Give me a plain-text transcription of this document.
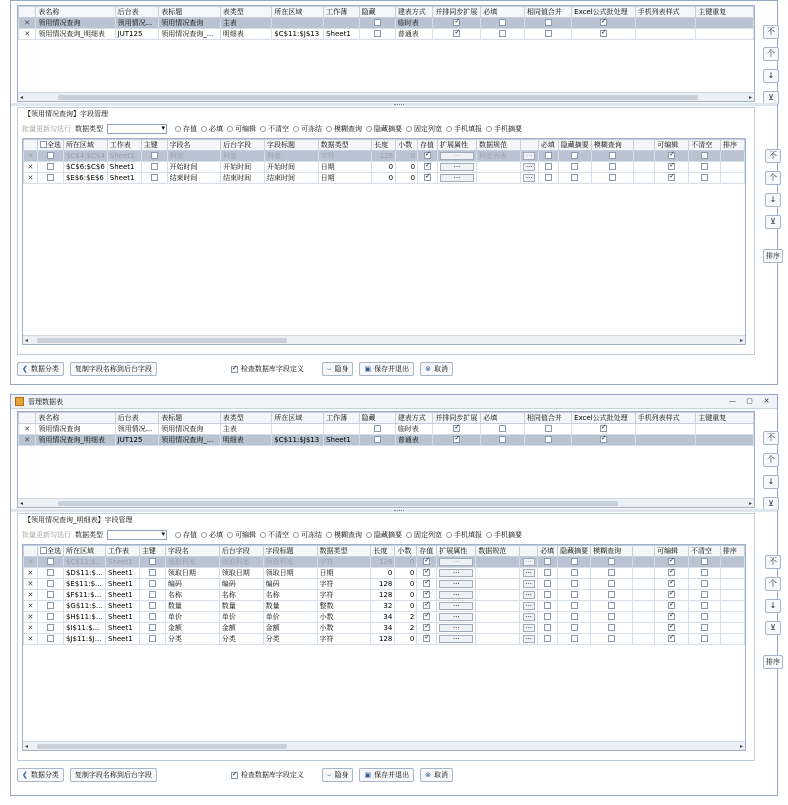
	表名称	后台表	表标题	表类型	所在区域	工作薄	隐藏	建表方式	并排同步扩展	必填	相同值合并	Excel公式批处理	手机列表样式	主键重复
✕	领用情况查询	领用情况...	领用情况查询	主表				临时表	✓			✓		
✕	领用情况查询_明细表	JUT125	领用情况查询_...	明细表	$C$11:$J$13	Sheet1		普通表	✓			✓		
◂	▸
不
个
↓
⊻
【领用情况查询】字段管理
批量更新勾选行 数据类型 ▾	存值 必填 可编辑 不清空 可冻结 模糊查询 隐藏摘要 固定列宽 手机填报 手机摘要
	全选	所在区域	工作表	主键	字段名	后台字段	字段标题	数据类型	长度	小数	存值	扩展属性	数据规范		必填	隐藏摘要	模糊查询		可编辑	不清空	排序
✕		$C$4:$C$4	Sheet1		科室	科室	科室	字符	128	0	✓	···	科室列表	···					✓		
✕		$C$6:$C$6	Sheet1		开始时间	开始时间	开始时间	日期	0	0	✓	···		···					✓		
✕		$E$6:$E$6	Sheet1		结束时间	结束时间	结束时间	日期	0	0	✓	···		···					✓		
◂	▸
不
个
↓
⊻
排序
❮ 数据分类	复制字段名称到后台字段 ✓	检查数据库字段定义	⌣ 隐身 ▣ 保存并退出 ⊗ 取消
管理数据表	— ▢ ✕
	表名称	后台表	表标题	表类型	所在区域	工作薄	隐藏	建表方式	并排同步扩展	必填	相同值合并	Excel公式批处理	手机列表样式	主键重复
✕	领用情况查询	领用情况...	领用情况查询	主表				临时表	✓			✓		
✕	领用情况查询_明细表	JUT125	领用情况查询_...	明细表	$C$11:$J$13	Sheet1		普通表	✓			✓		
◂	▸
不
个
↓
⊻
【领用情况查询_明细表】字段管理
批量更新勾选行 数据类型 ▾	存值 必填 可编辑 不清空 可冻结 模糊查询 隐藏摘要 固定列宽 手机填报 手机摘要
	全选	所在区域	工作表	主键	字段名	后台字段	字段标题	数据类型	长度	小数	存值	扩展属性	数据规范		必填	隐藏摘要	模糊查询		可编辑	不清空	排序
✕		$C$11:$...	Sheet1		领取科室	领取科室	领取科室	字符	128	0	✓	···		···					✓		
✕		$D$11:$...	Sheet1		领取日期	领取日期	领取日期	日期	0	0	✓	···		···					✓		
✕		$E$11:$...	Sheet1		编码	编码	编码	字符	128	0	✓	···		···					✓		
✕		$F$11:$...	Sheet1		名称	名称	名称	字符	128	0	✓	···		···					✓		
✕		$G$11:$...	Sheet1		数量	数量	数量	整数	32	0	✓	···		···					✓		
✕		$H$11:$...	Sheet1		单价	单价	单价	小数	34	2	✓	···		···					✓		
✕		$I$11:$...	Sheet1		金额	金额	金额	小数	34	2	✓	···		···					✓		
✕		$J$11:$J...	Sheet1		分类	分类	分类	字符	128	0	✓	···		···					✓		
◂	▸
不
个
↓
⊻
排序
❮ 数据分类	复制字段名称到后台字段 ✓	检查数据库字段定义	⌣ 隐身 ▣ 保存并退出 ⊗ 取消
